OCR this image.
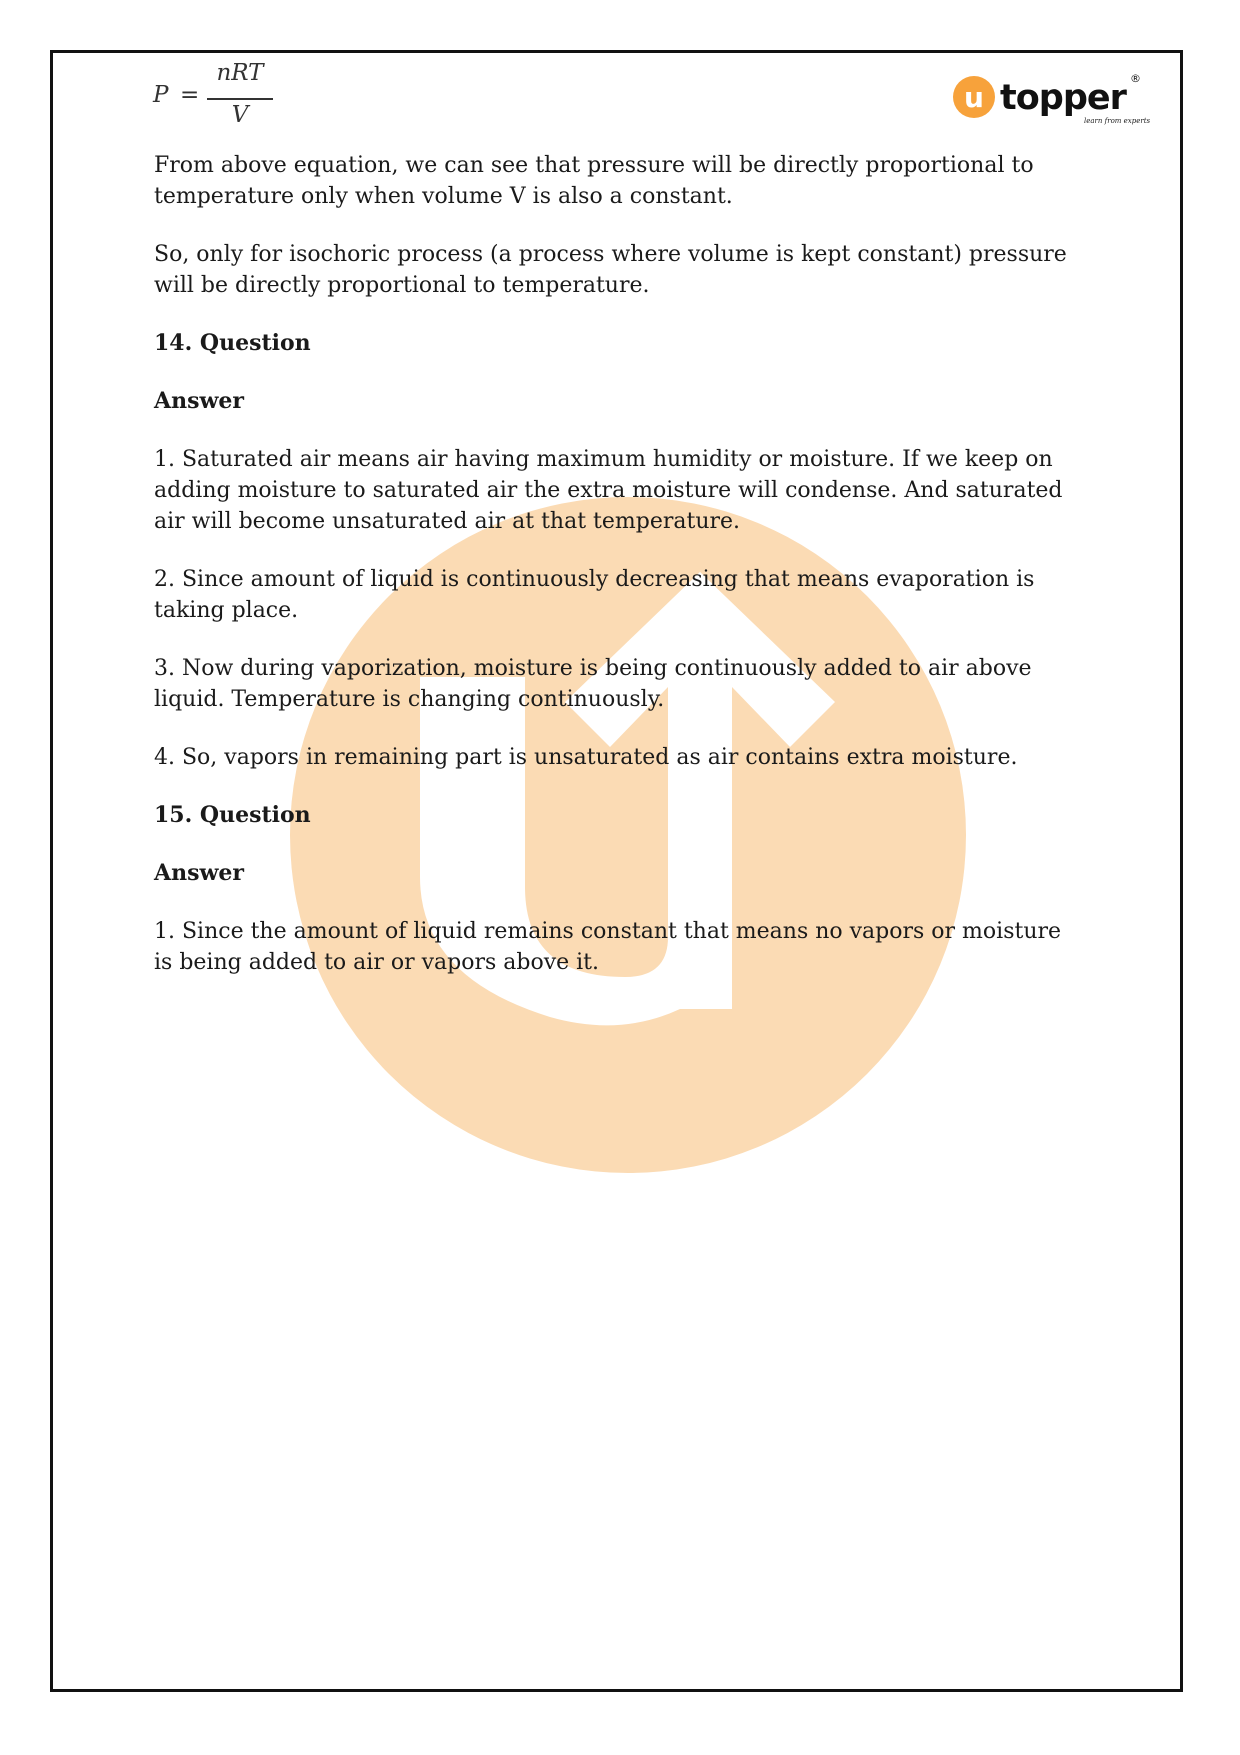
P =
nRT
V
u topper ®
learn from experts

From above equation, we can see that pressure will be directly proportional to temperature only when volume V is also a constant.

So, only for isochoric process (a process where volume is kept constant) pressure will be directly proportional to temperature.

14. Question

Answer

1. Saturated air means air having maximum humidity or moisture. If we keep on adding moisture to saturated air the extra moisture will condense. And saturated air will become unsaturated air at that temperature.

2. Since amount of liquid is continuously decreasing that means evaporation is taking place.

3. Now during vaporization, moisture is being continuously added to air above liquid. Temperature is changing continuously.

4. So, vapors in remaining part is unsaturated as air contains extra moisture.

15. Question

Answer

1. Since the amount of liquid remains constant that means no vapors or moisture is being added to air or vapors above it.
